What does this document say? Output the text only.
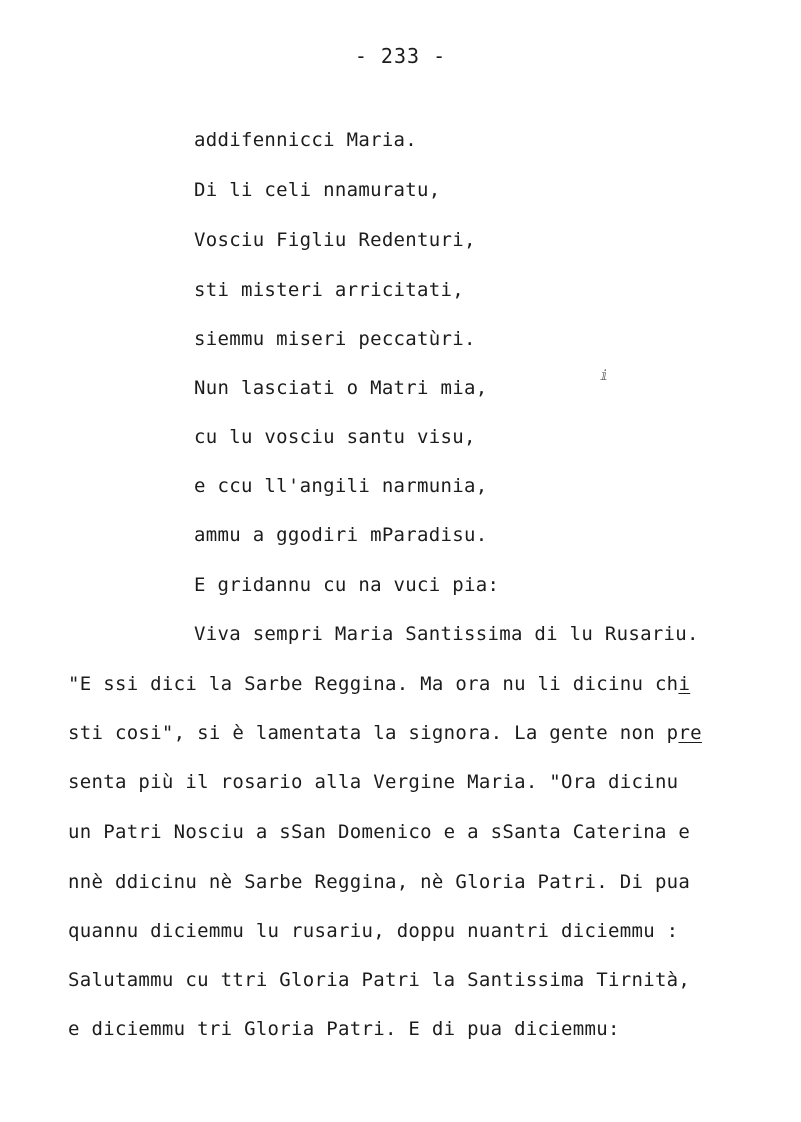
- 233 -
addifennicci Maria.
Di li celi nnamuratu,
Vosciu Figliu Redenturi,
sti misteri arricitati,
siemmu miseri peccatùri.
Nun lasciati o Matri mia,
cu lu vosciu santu visu,
e ccu ll'angili narmunia,
ammu a ggodiri mParadisu.
E gridannu cu na vuci pia:
Viva sempri Maria Santissima di lu Rusariu.
ⅈ
"E ssi dici la Sarbe Reggina. Ma ora nu li dicinu chi
sti cosi", si è lamentata la signora. La gente non pre
senta più il rosario alla Vergine Maria. "Ora dicinu
un Patri Nosciu a sSan Domenico e a sSanta Caterina e
nnè ddicinu nè Sarbe Reggina, nè Gloria Patri. Di pua
quannu diciemmu lu rusariu, doppu nuantri diciemmu :
Salutammu cu ttri Gloria Patri la Santissima Tirnità,
e diciemmu tri Gloria Patri. E di pua diciemmu:
